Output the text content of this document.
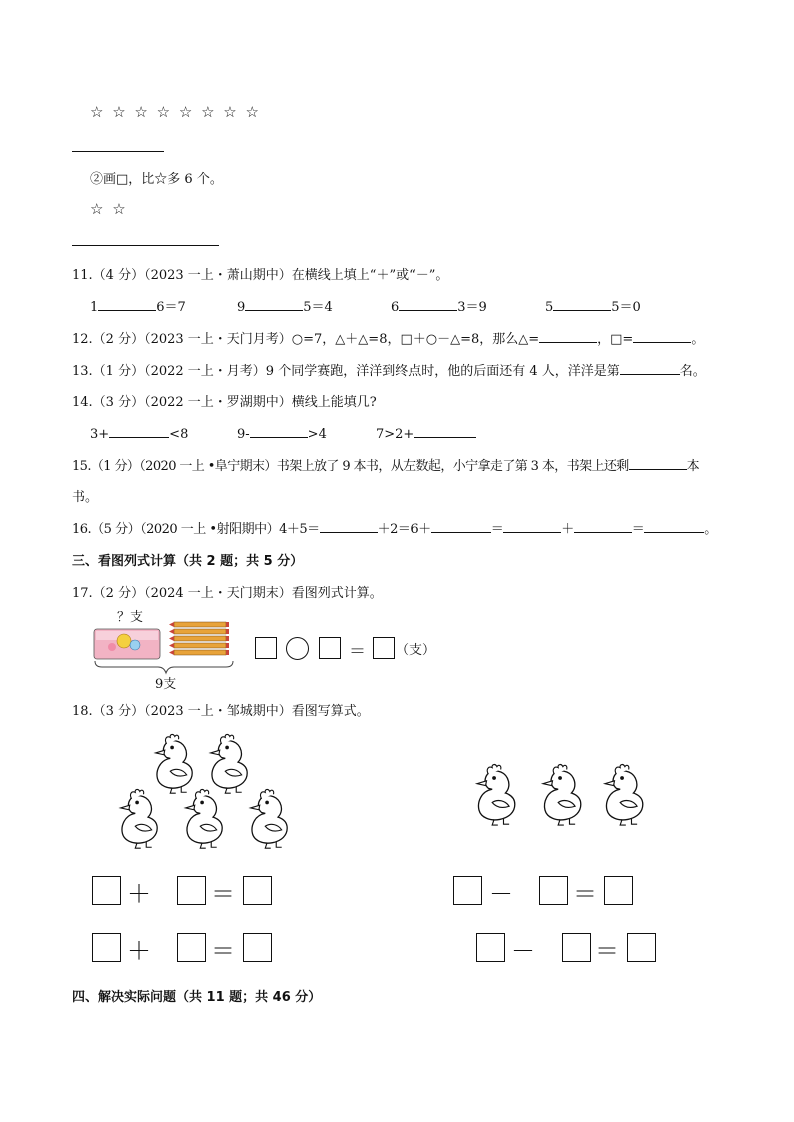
☆ ☆ ☆ ☆ ☆ ☆ ☆ ☆
②画□，比☆多 6 个。
☆ ☆
11.（4 分）（2023 一上・萧山期中）在横线上填上“＋”或“－”。
1	6＝7	9	5＝4	6	3＝9	5	5＝0
12.（2 分）（2023 一上・天门月考）○=7，△＋△=8，□＋○－△=8，那么△=	，□=	。
13.（1 分）（2022 一上・月考）9 个同学赛跑，洋洋到终点时，他的后面还有 4 人，洋洋是第	名。
14.（3 分）（2022 一上・罗湖期中）横线上能填几?
3+	<8	9-	>4	7>2+
15.（1 分）（2020 一上 •阜宁期末）书架上放了 9 本书，从左数起，小宁拿走了第 3 本，书架上还剩	本
书。
16.（5 分）（2020 一上 •射阳期中）4＋5＝	＋2＝6＋	＝	＋	＝	。
三、看图列式计算（共 2 题；共 5 分）
17.（2 分）（2024 一上・天门期末）看图列式计算。
？支
9支
＝ （支）
18.（3 分）（2023 一上・邹城期中）看图写算式。
＋	＝
＋	＝
－	＝
－	＝
四、解决实际问题（共 11 题；共 46 分）
